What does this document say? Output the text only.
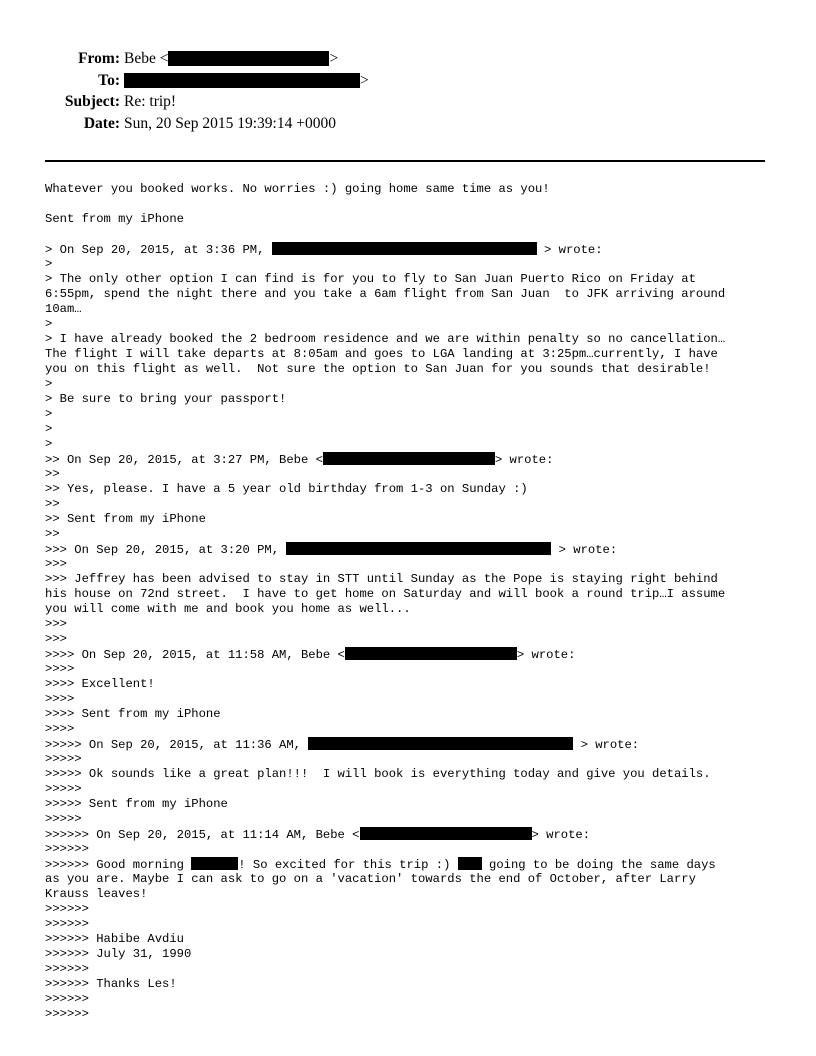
From: Bebe <	>
To:	>
Subject: Re: trip!
Date: Sun, 20 Sep 2015 19:39:14 +0000
Whatever you booked works. No worries :) going home same time as you!
Sent from my iPhone
> On Sep 20, 2015, at 3:36 PM,	> wrote:
>
> The only other option I can find is for you to fly to San Juan Puerto Rico on Friday at
6:55pm, spend the night there and you take a 6am flight from San Juan  to JFK arriving around
10am…
>
> I have already booked the 2 bedroom residence and we are within penalty so no cancellation…
The flight I will take departs at 8:05am and goes to LGA landing at 3:25pm…currently, I have
you on this flight as well.  Not sure the option to San Juan for you sounds that desirable!
>
> Be sure to bring your passport!
>
>
>
>> On Sep 20, 2015, at 3:27 PM, Bebe <	> wrote:
>>
>> Yes, please. I have a 5 year old birthday from 1-3 on Sunday :)
>>
>> Sent from my iPhone
>>
>>> On Sep 20, 2015, at 3:20 PM,	> wrote:
>>>
>>> Jeffrey has been advised to stay in STT until Sunday as the Pope is staying right behind
his house on 72nd street.  I have to get home on Saturday and will book a round trip…I assume
you will come with me and book you home as well...
>>>
>>>
>>>> On Sep 20, 2015, at 11:58 AM, Bebe <	> wrote:
>>>>
>>>> Excellent!
>>>>
>>>> Sent from my iPhone
>>>>
>>>>> On Sep 20, 2015, at 11:36 AM,	> wrote:
>>>>>
>>>>> Ok sounds like a great plan!!!  I will book is everything today and give you details.
>>>>>
>>>>> Sent from my iPhone
>>>>>
>>>>>> On Sep 20, 2015, at 11:14 AM, Bebe <	> wrote:
>>>>>>
>>>>>> Good morning	! So excited for this trip :)  going to be doing the same days
as you are. Maybe I can ask to go on a 'vacation' towards the end of October, after Larry
Krauss leaves!
>>>>>>
>>>>>>
>>>>>> Habibe Avdiu
>>>>>> July 31, 1990
>>>>>>
>>>>>> Thanks Les!
>>>>>>
>>>>>>
